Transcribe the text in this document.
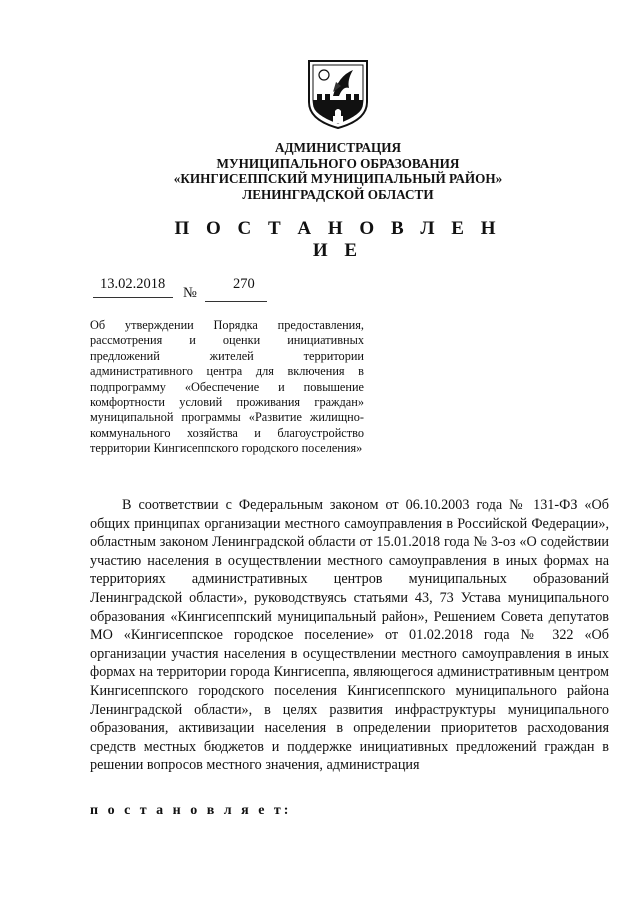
АДМИНИСТРАЦИЯ
МУНИЦИПАЛЬНОГО ОБРАЗОВАНИЯ
«КИНГИСЕППСКИЙ МУНИЦИПАЛЬНЫЙ РАЙОН»
ЛЕНИНГРАДСКОЙ ОБЛАСТИ
П О С Т А Н О В Л Е Н И Е
13.02.2018
№
270
Об утверждении Порядка предоставления, рассмотрения и оценки инициативных предложений жителей территории административного центра для включения в подпрограмму «Обеспечение и повышение комфортности условий проживания граждан» муниципальной программы «Развитие жилищно-коммунального хозяйства и благоустройство территории Кингисеппского городского поселения»
В соответствии с Федеральным законом от 06.10.2003 года № 131-ФЗ «Об общих принципах организации местного самоуправления в Российской Федерации», областным законом Ленинградской области от 15.01.2018 года № 3-оз «О содействии участию населения в осуществлении местного самоуправления в иных формах на территориях административных центров муниципальных образований Ленинградской области», руководствуясь статьями 43, 73 Устава муниципального образования «Кингисеппский муниципальный район», Решением Совета депутатов МО «Кингисеппское городское поселение» от 01.02.2018 года № 322 «Об организации участия населения в осуществлении местного самоуправления в иных формах на территории города Кингисеппа, являющегося административным центром Кингисеппского городского поселения Кингисеппского муниципального района Ленинградской области», в целях развития инфраструктуры муниципального образования, активизации населения в определении приоритетов расходования средств местных бюджетов и поддержке инициативных предложений граждан в решении вопросов местного значения, администрация
п о с т а н о в л я е т:
